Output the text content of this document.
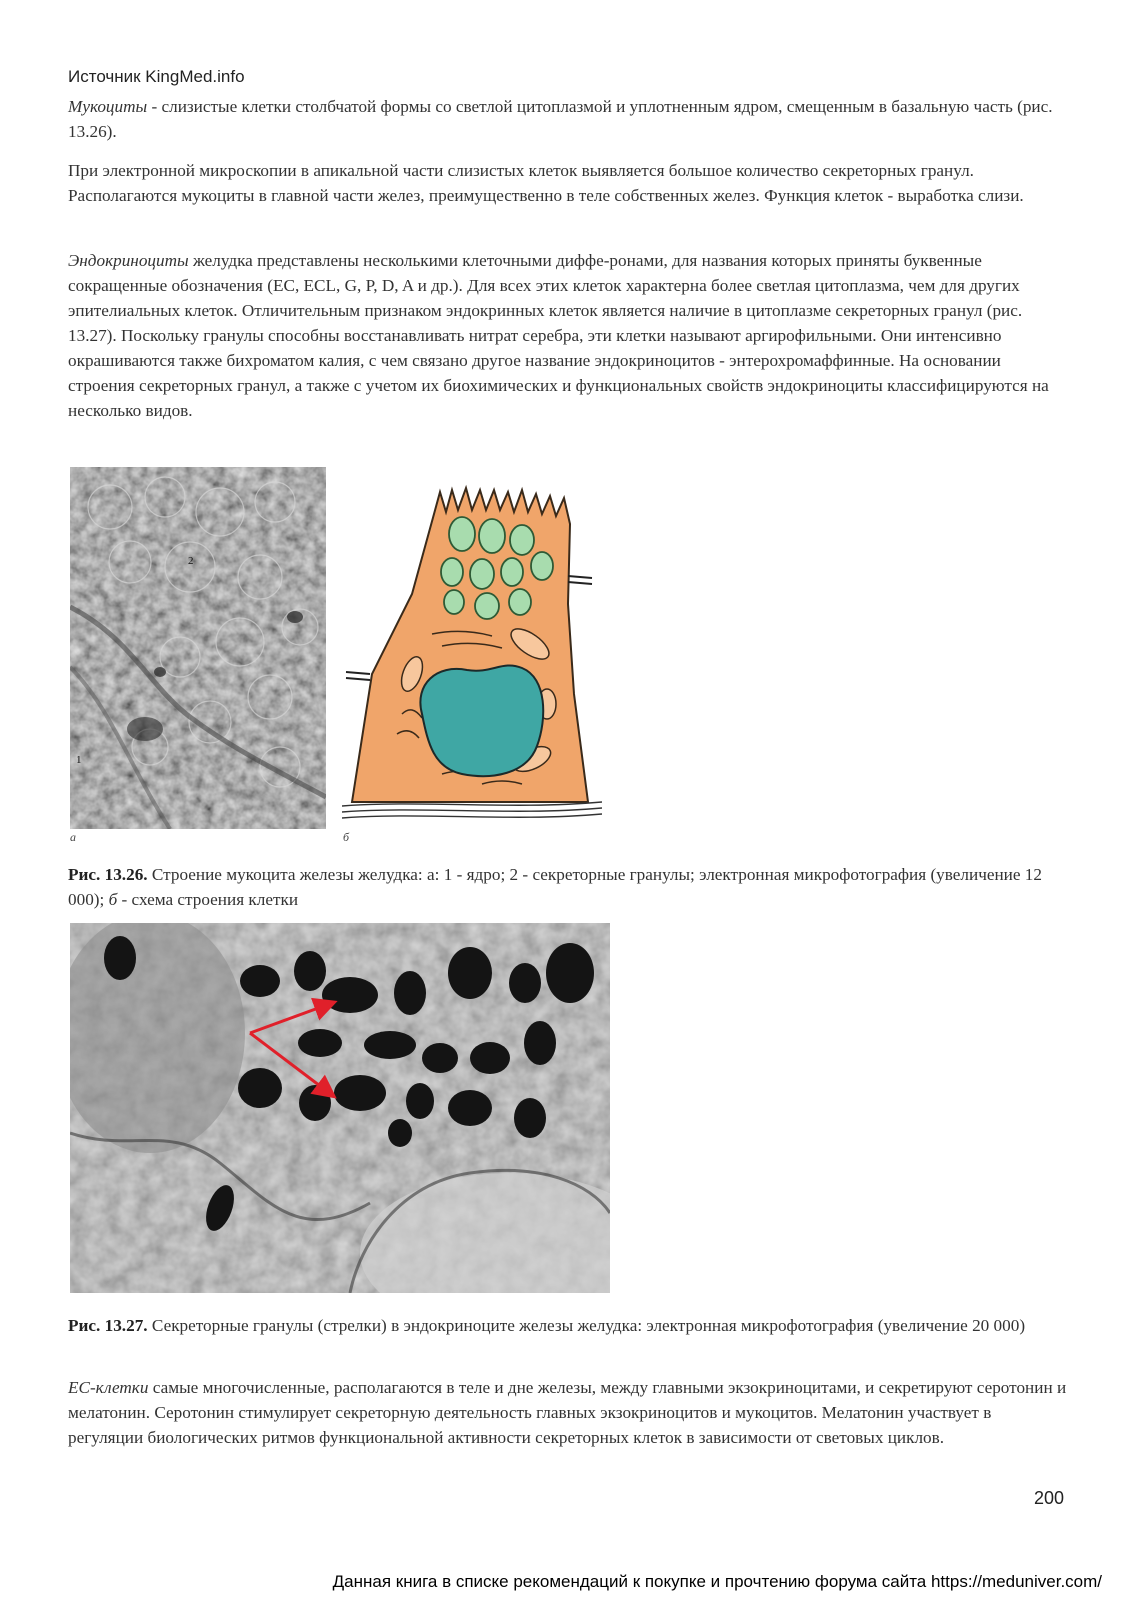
Источник KingMed.info

Мукоциты - слизистые клетки столбчатой формы со светлой цитоплазмой и уплотненным ядром, смещенным в базальную часть (рис. 13.26).

При электронной микроскопии в апикальной части слизистых клеток выявляется большое количество секреторных гранул. Располагаются мукоциты в главной части желез, преимущественно в теле собственных желез. Функция клеток - выработка слизи.

Эндокриноциты желудка представлены несколькими клеточными диффе-ронами, для названия которых приняты буквенные сокращенные обозначения (ЕС, ECL, G, P, D, A и др.). Для всех этих клеток характерна более светлая цитоплазма, чем для других эпителиальных клеток. Отличительным признаком эндокринных клеток является наличие в цитоплазме секреторных гранул (рис. 13.27). Поскольку гранулы способны восстанавливать нитрат серебра, эти клетки называют аргирофильными. Они интенсивно окрашиваются также бихроматом калия, с чем связано другое название эндокриноцитов - энтерохромаффинные. На основании строения секреторных гранул, а также с учетом их биохимических и функциональных свойств эндокриноциты классифицируются на несколько видов.

2
1
а	б

Рис. 13.26. Строение мукоцита железы желудка: а: 1 - ядро; 2 - секреторные гранулы; электронная микрофотография (увеличение 12 000); б - схема строения клетки

Рис. 13.27. Секреторные гранулы (стрелки) в эндокриноците железы желудка: электронная микрофотография (увеличение 20 000)

ЕС-клетки самые многочисленные, располагаются в теле и дне железы, между главными экзокриноцитами, и секретируют серотонин и мелатонин. Серотонин стимулирует секреторную деятельность главных экзокриноцитов и мукоцитов. Мелатонин участвует в регуляции биологических ритмов функциональной активности секреторных клеток в зависимости от световых циклов.

200
Данная книга в списке рекомендаций к покупке и прочтению форума сайта https://meduniver.com/
